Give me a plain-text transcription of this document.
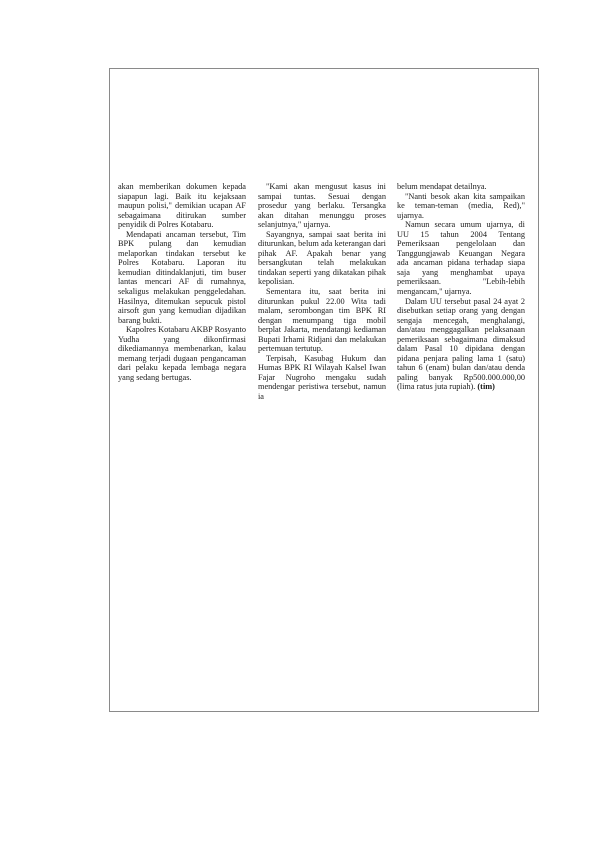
akan memberikan dokumen kepada siapapun lagi. Baik itu kejaksaan maupun polisi," demikian ucapan AF sebagaimana ditirukan sumber penyidik di Polres Kotabaru.

Mendapati ancaman tersebut, Tim BPK pulang dan kemudian melaporkan tindakan tersebut ke Polres Kotabaru. Laporan itu kemudian ditindaklanjuti, tim buser lantas mencari AF di rumahnya, sekaligus melakukan penggeledahan. Hasilnya, ditemukan sepucuk pistol airsoft gun yang kemudian dijadikan barang bukti.

Kapolres Kotabaru AKBP Rosyanto Yudha yang dikonfirmasi dikediamannya membenarkan, kalau memang terjadi dugaan pengancaman dari pelaku kepada lembaga negara yang sedang bertugas.

"Kami akan mengusut kasus ini sampai tuntas. Sesuai dengan prosedur yang berlaku. Tersangka akan ditahan menunggu proses selanjutnya," ujarnya.

Sayangnya, sampai saat berita ini diturunkan, belum ada keterangan dari pihak AF. Apakah benar yang bersangkutan telah melakukan tindakan seperti yang dikatakan pihak kepolisian.

Sementara itu, saat berita ini diturunkan pukul 22.00 Wita tadi malam, serombongan tim BPK RI dengan menumpang tiga mobil berplat Jakarta, mendatangi kediaman Bupati Irhami Ridjani dan melakukan pertemuan tertutup.

Terpisah, Kasubag Hukum dan Humas BPK RI Wilayah Kalsel Iwan Fajar Nugroho mengaku sudah mendengar peristiwa tersebut, namun ia

belum mendapat detailnya.

"Nanti besok akan kita sampaikan ke teman-teman (media, Red)," ujarnya.

Namun secara umum ujarnya, di UU 15 tahun 2004 Tentang Pemeriksaan pengelolaan dan Tanggungjawab Keuangan Negara ada ancaman pidana terhadap siapa saja yang menghambat upaya pemeriksaan. "Lebih-lebih mengancam," ujarnya.

Dalam UU tersebut pasal 24 ayat 2 disebutkan setiap orang yang dengan sengaja mencegah, menghalangi, dan/atau menggagalkan pelaksanaan pemeriksaan sebagaimana dimaksud dalam Pasal 10 dipidana dengan pidana penjara paling lama 1 (satu) tahun 6 (enam) bulan dan/atau denda paling banyak Rp500.000.000,00 (lima ratus juta rupiah). (tim)
